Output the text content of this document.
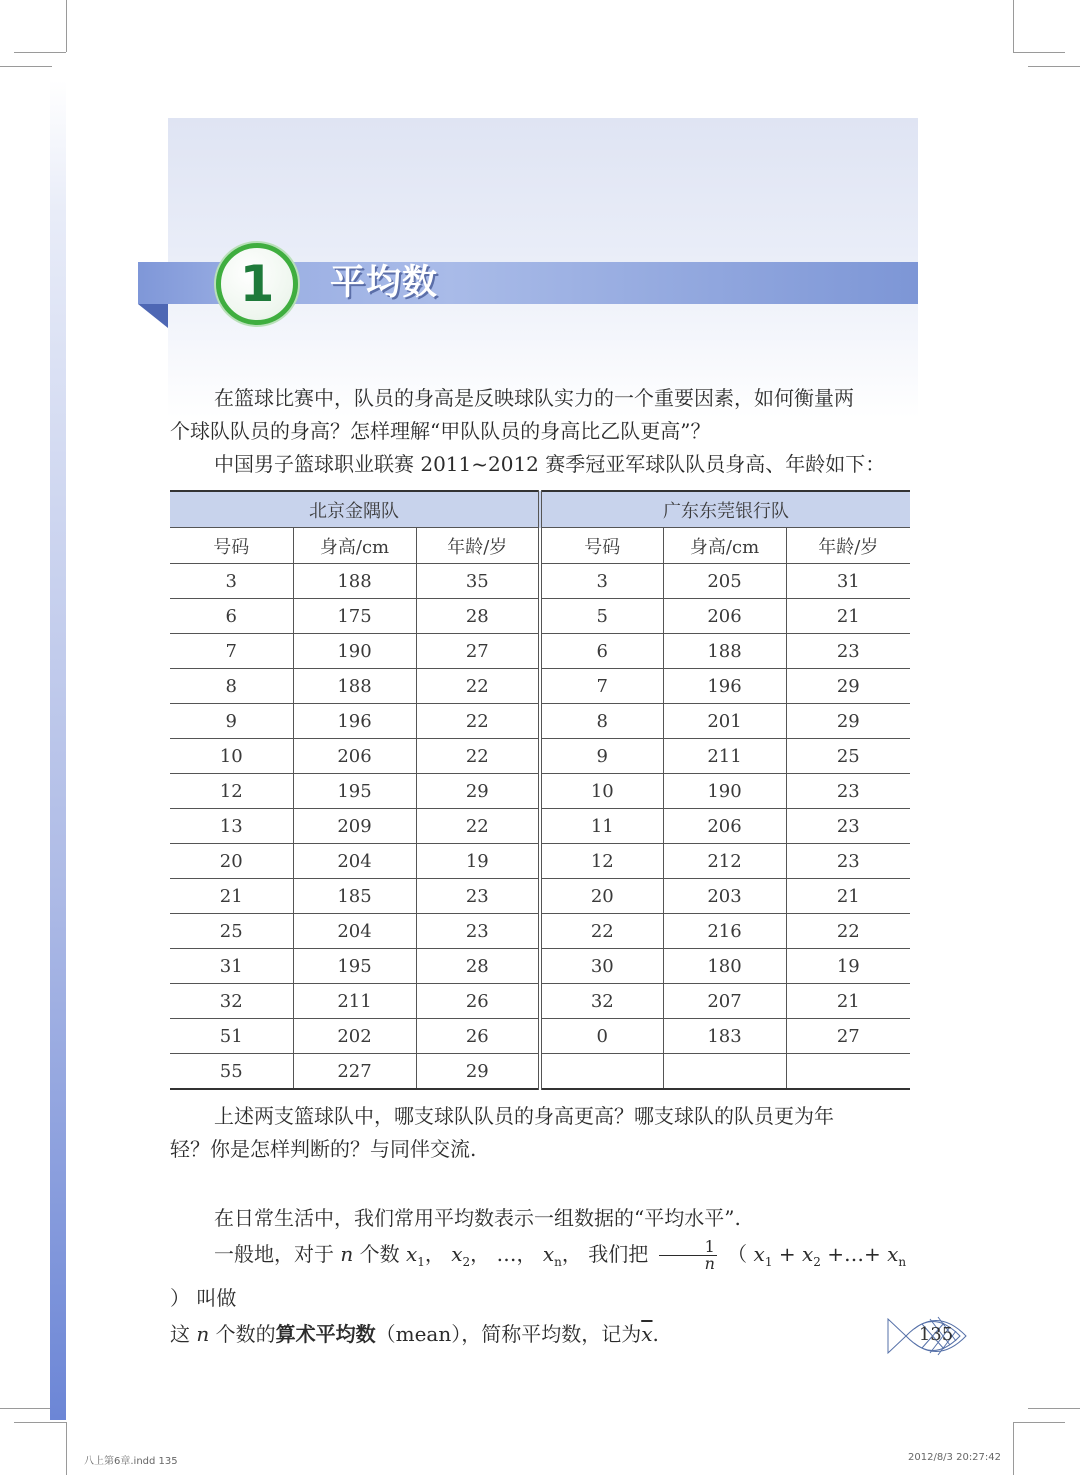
1 平均数

在篮球比赛中，队员的身高是反映球队实力的一个重要因素，如何衡量两

个球队队员的身高？怎样理解“甲队队员的身高比乙队更高”？

中国男子篮球职业联赛 2011~2012 赛季冠亚军球队队员身高、年龄如下：

北京金隅队			广东东莞银行队		
号码	身高/cm	年龄/岁	号码	身高/cm	年龄/岁
3	188	35	3	205	31
6	175	28	5	206	21
7	190	27	6	188	23
8	188	22	7	196	29
9	196	22	8	201	29
10	206	22	9	211	25
12	195	29	10	190	23
13	209	22	11	206	23
20	204	19	12	212	23
21	185	23	20	203	21
25	204	23	22	216	22
31	195	28	30	180	19
32	211	26	32	207	21
51	202	26	0	183	27
55	227	29			

上述两支篮球队中，哪支球队队员的身高更高？哪支球队的队员更为年

轻？你是怎样判断的？与同伴交流.

在日常生活中，我们常用平均数表示一组数据的“平均水平”.

一般地，对于 n 个数 $x_1$， $x_2$， …， $x_n$， 我们把 $\frac{1}{n}$ （ $x_1 + x_2$ +…+ $x_n$ ） 叫做

这 n 个数的算术平均数（mean），简称平均数，记为$\overline{x}$.	135
八上第6章.indd 135	2012/8/3 20:27:42
